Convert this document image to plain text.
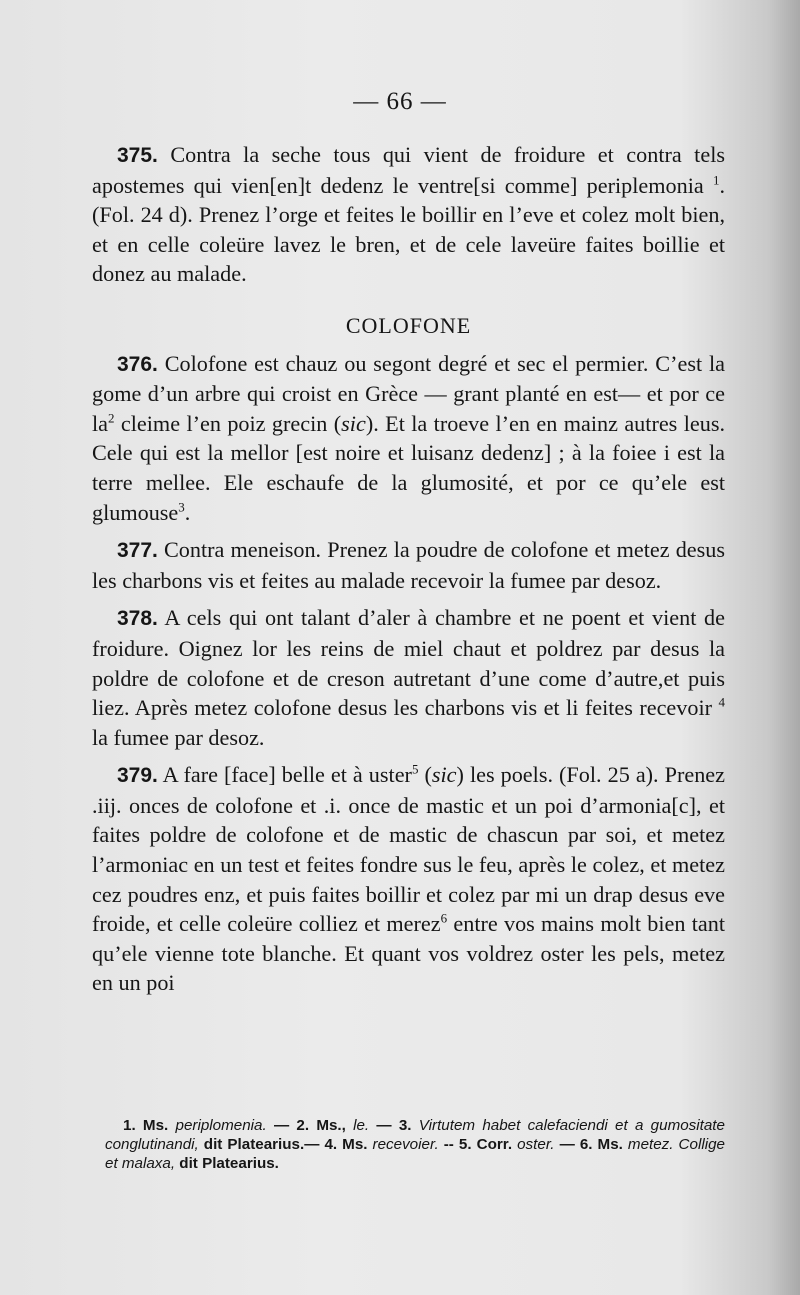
— 66 —

375. Contra la seche tous qui vient de froidure et contra tels apostemes qui vien[en]t dedenz le ventre[si comme] periplemonia $^1$. (Fol. 24 d). Prenez l’orge et feites le boillir en l’eve et colez molt bien, et en celle coleüre lavez le bren, et de cele laveüre faites boillie et donez au malade.

COLOFONE

376. Colofone est chauz ou segont degré et sec el permier. C’est la gome d’un arbre qui croist en Grèce — grant planté en est— et por ce $la^2$ cleime l’en poiz grecin (sic). Et la troeve l’en en mainz autres leus. Cele qui est la mellor [est noire et luisanz dedenz] ; à la foiee i est la terre mellee. Ele eschaufe de la glumosité, et por ce qu’ele est glumouse$^3$.

377. Contra meneison. Prenez la poudre de colofone et metez desus les charbons vis et feites au malade recevoir la fumee par desoz.

378. A cels qui ont talant d’aler à chambre et ne poent et vient de froidure. Oignez lor les reins de miel chaut et poldrez par desus la poldre de colofone et de creson autretant d’une come d’autre,et puis liez. Après metez colofone desus les charbons vis et li feites recevoir $^4$ la fumee par desoz.

379. A fare [face] belle et à uster$^5$ (sic) les poels. (Fol. 25 a). Prenez .iij. onces de colofone et .i. once de mastic et un poi d’armonia[c], et faites poldre de colofone et de mastic de chascun par soi, et metez l’armoniac en un test et feites fondre sus le feu, après le colez, et metez cez poudres enz, et puis faites boillir et colez par mi un drap desus eve froide, et celle coleüre colliez et merez$^6$ entre vos mains molt bien tant qu’ele vienne tote blanche. Et quant vos voldrez oster les pels, metez en un poi

1. Ms. periplomenia. — 2. Ms., le. — 3. Virtutem habet calefaciendi et a gumositate conglutinandi, dit Platearius.— 4. Ms. recevoier. -- 5. Corr. oster. — 6. Ms. metez. Collige et malaxa, dit Platearius.
